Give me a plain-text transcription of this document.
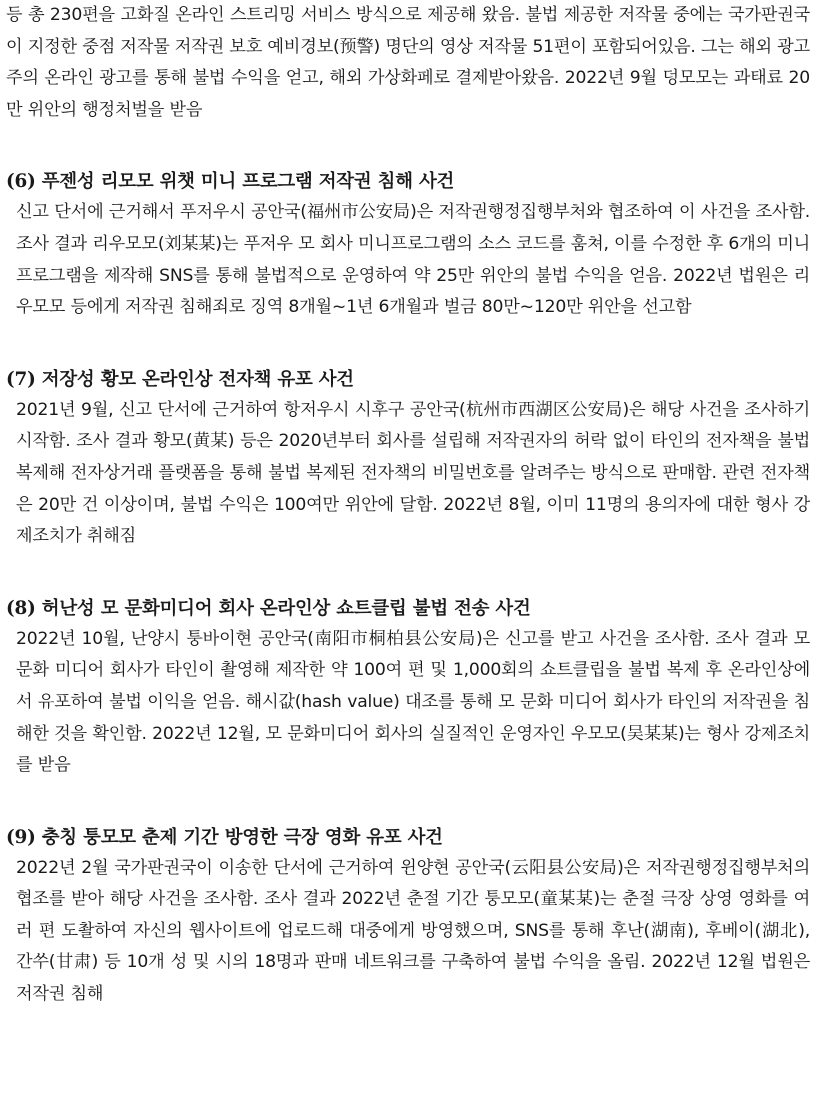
등 총 230편을 고화질 온라인 스트리밍 서비스 방식으로 제공해 왔음. 불법 제공한 저작물 중에는 국가판권국이 지정한 중점 저작물 저작권 보호 예비경보(预警) 명단의 영상 저작물 51편이 포함되어있음. 그는 해외 광고주의 온라인 광고를 통해 불법 수익을 얻고, 해외 가상화페로 결제받아왔음. 2022년 9월 덩모모는 과태료 20만 위안의 행정처벌을 받음

(6) 푸젠성 리모모 위챗 미니 프로그램 저작권 침해 사건

신고 단서에 근거해서 푸저우시 공안국(福州市公安局)은 저작권행정집행부처와 협조하여 이 사건을 조사함. 조사 결과 리우모모(刘某某)는 푸저우 모 회사 미니프로그램의 소스 코드를 훔쳐, 이를 수정한 후 6개의 미니프로그램을 제작해 SNS를 통해 불법적으로 운영하여 약 25만 위안의 불법 수익을 얻음. 2022년 법원은 리우모모 등에게 저작권 침해죄로 징역 8개월~1년 6개월과 벌금 80만~120만 위안을 선고함

(7) 저장성 황모 온라인상 전자책 유포 사건

2021년 9월, 신고 단서에 근거하여 항저우시 시후구 공안국(杭州市西湖区公安局)은 해당 사건을 조사하기 시작함. 조사 결과 황모(黄某) 등은 2020년부터 회사를 설립해 저작권자의 허락 없이 타인의 전자책을 불법 복제해 전자상거래 플랫폼을 통해 불법 복제된 전자책의 비밀번호를 알려주는 방식으로 판매함. 관련 전자책은 20만 건 이상이며, 불법 수익은 100여만 위안에 달함. 2022년 8월, 이미 11명의 용의자에 대한 형사 강제조치가 취해짐

(8) 허난성 모 문화미디어 회사 온라인상 쇼트클립 불법 전송 사건

2022년 10월, 난양시 퉁바이현 공안국(南阳市桐柏县公安局)은 신고를 받고 사건을 조사함. 조사 결과 모 문화 미디어 회사가 타인이 촬영해 제작한 약 100여 편 및 1,000회의 쇼트클립을 불법 복제 후 온라인상에서 유포하여 불법 이익을 얻음. 해시값(hash value) 대조를 통해 모 문화 미디어 회사가 타인의 저작권을 침해한 것을 확인함. 2022년 12월, 모 문화미디어 회사의 실질적인 운영자인 우모모(吴某某)는 형사 강제조치를 받음

(9) 충칭 퉁모모 춘제 기간 방영한 극장 영화 유포 사건

2022년 2월 국가판권국이 이송한 단서에 근거하여 윈양현 공안국(云阳县公安局)은 저작권행정집행부처의 협조를 받아 해당 사건을 조사함. 조사 결과 2022년 춘절 기간 퉁모모(童某某)는 춘절 극장 상영 영화를 여러 편 도촬하여 자신의 웹사이트에 업로드해 대중에게 방영했으며, SNS를 통해 후난(湖南), 후베이(湖北), 간쑤(甘肃) 등 10개 성 및 시의 18명과 판매 네트워크를 구축하여 불법 수익을 올림. 2022년 12월 법원은 저작권 침해
